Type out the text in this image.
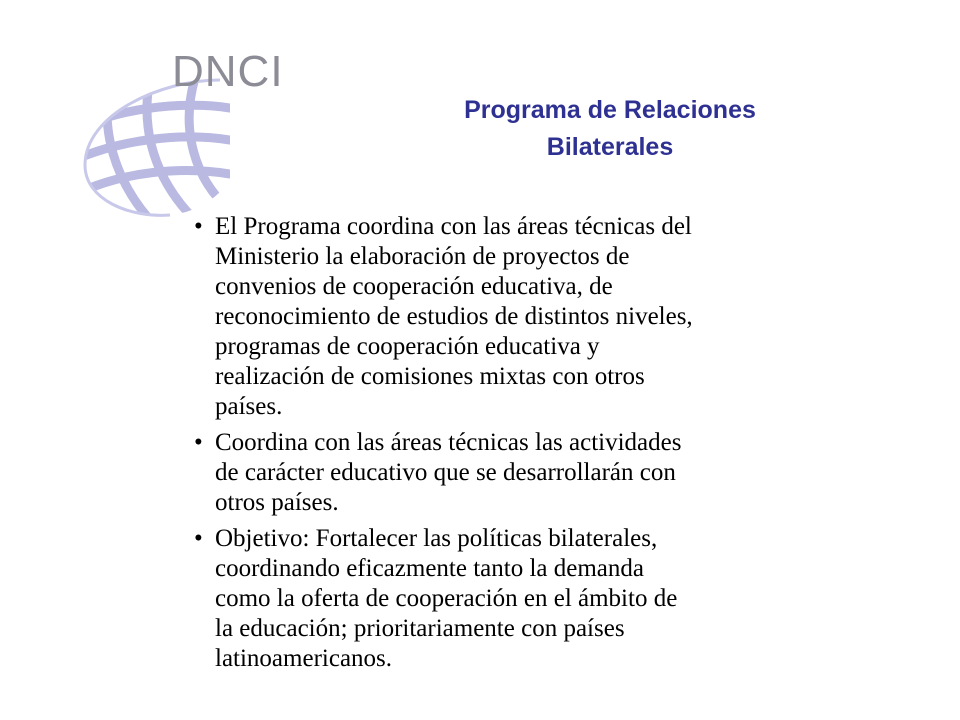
DNCI
Programa de Relaciones
Bilaterales
• El Programa coordina con las áreas técnicas del
Ministerio la elaboración de proyectos de
convenios de cooperación educativa, de
reconocimiento de estudios de distintos niveles,
programas de cooperación educativa y
realización de comisiones mixtas con otros
países.
• Coordina con las áreas técnicas las actividades
de carácter educativo que se desarrollarán con
otros países.
• Objetivo: Fortalecer las políticas bilaterales,
coordinando eficazmente tanto la demanda
como la oferta de cooperación en el ámbito de
la educación; prioritariamente con países
latinoamericanos.
